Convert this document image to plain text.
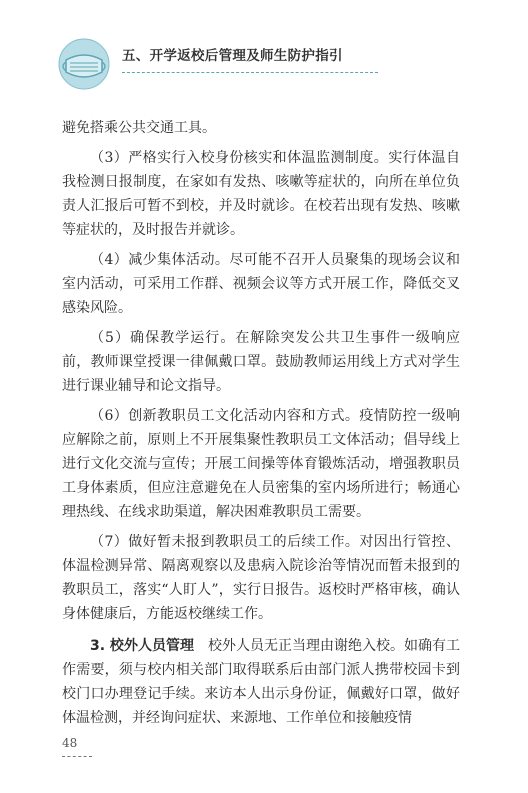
五、开学返校后管理及师生防护指引

避免搭乘公共交通工具。

（3）严格实行入校身份核实和体温监测制度。实行体温自我检测日报制度，在家如有发热、咳嗽等症状的，向所在单位负责人汇报后可暂不到校，并及时就诊。在校若出现有发热、咳嗽等症状的，及时报告并就诊。

（4）减少集体活动。尽可能不召开人员聚集的现场会议和室内活动，可采用工作群、视频会议等方式开展工作，降低交叉感染风险。

（5）确保教学运行。在解除突发公共卫生事件一级响应前，教师课堂授课一律佩戴口罩。鼓励教师运用线上方式对学生进行课业辅导和论文指导。

（6）创新教职员工文化活动内容和方式。疫情防控一级响应解除之前，原则上不开展集聚性教职员工文体活动；倡导线上进行文化交流与宣传；开展工间操等体育锻炼活动，增强教职员工身体素质，但应注意避免在人员密集的室内场所进行；畅通心理热线、在线求助渠道，解决困难教职员工需要。

（7）做好暂未报到教职员工的后续工作。对因出行管控、体温检测异常、隔离观察以及患病入院诊治等情况而暂未报到的教职员工，落实“人盯人”，实行日报告。返校时严格审核，确认身体健康后，方能返校继续工作。

3. 校外人员管理　校外人员无正当理由谢绝入校。如确有工作需要，须与校内相关部门取得联系后由部门派人携带校园卡到校门口办理登记手续。来访本人出示身份证，佩戴好口罩，做好体温检测，并经询问症状、来源地、工作单位和接触疫情

48
